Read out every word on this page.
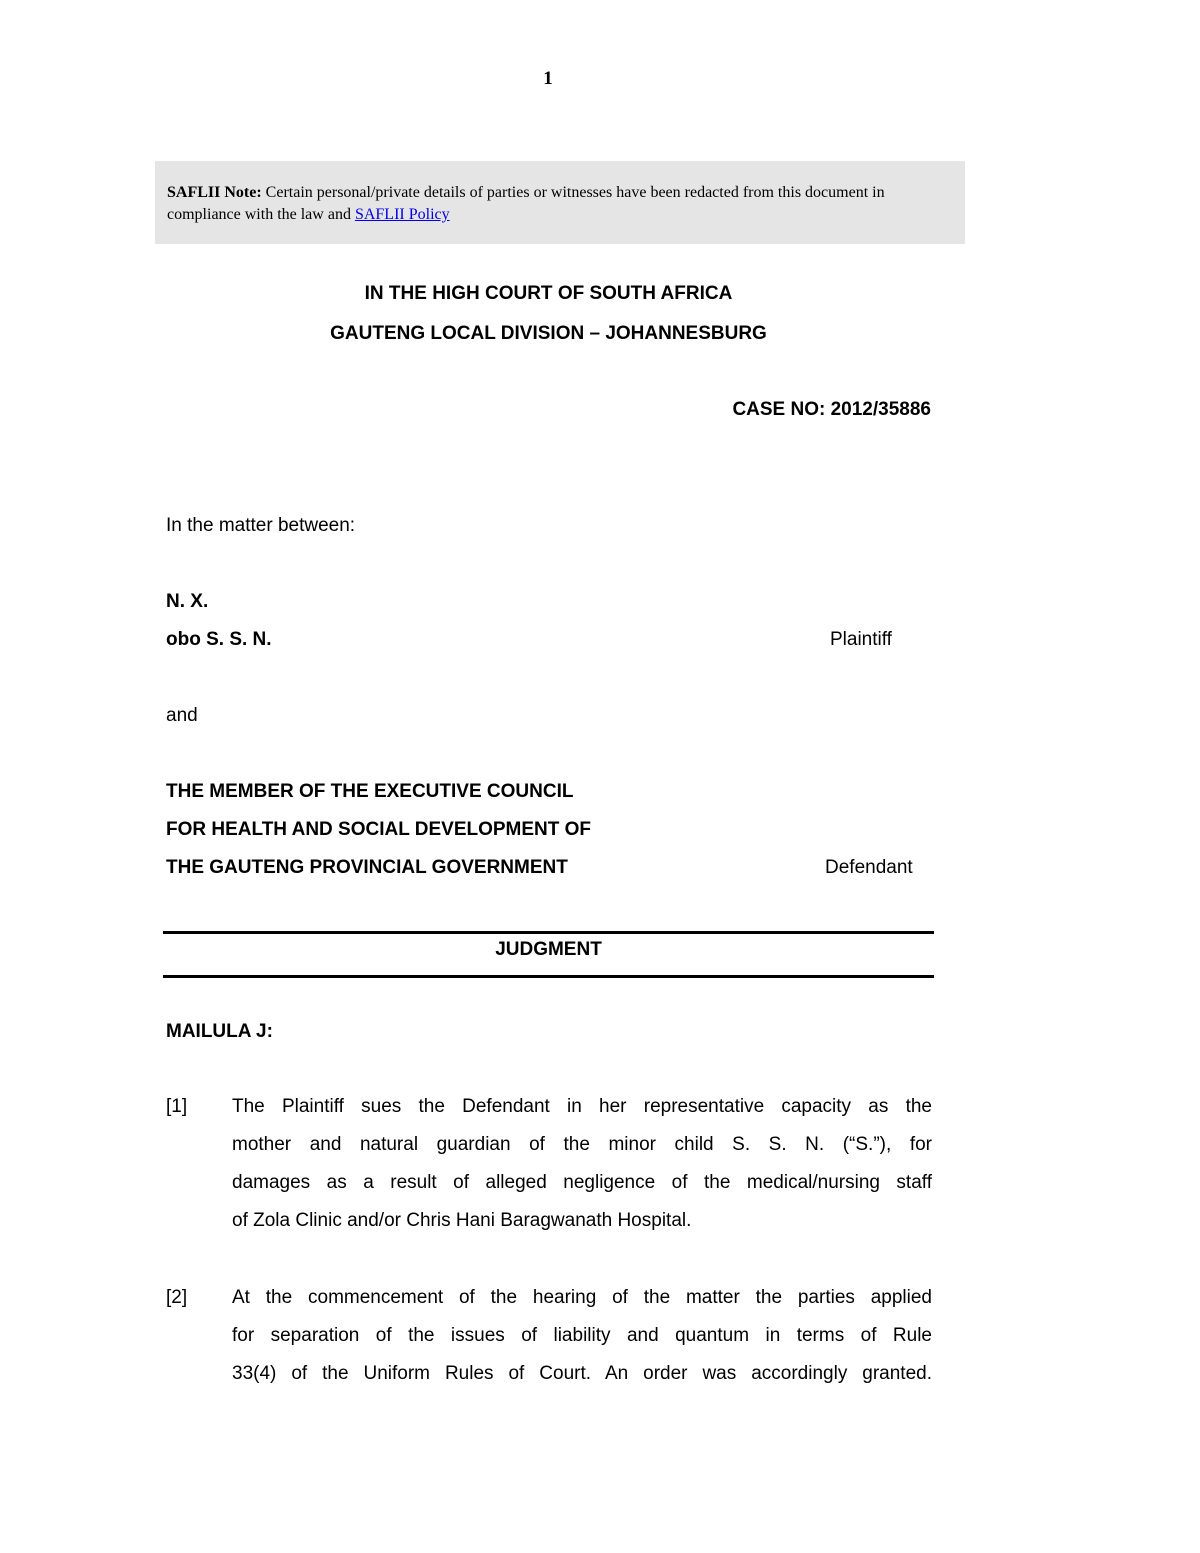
1
SAFLII Note: Certain personal/private details of parties or witnesses have been redacted from this document in compliance with the law and SAFLII Policy
IN THE HIGH COURT OF SOUTH AFRICA
GAUTENG LOCAL DIVISION – JOHANNESBURG
CASE NO: 2012/35886
In the matter between:
N. X.
obo S. S. N.	Plaintiff
and
THE MEMBER OF THE EXECUTIVE COUNCIL
FOR HEALTH AND SOCIAL DEVELOPMENT OF
THE GAUTENG PROVINCIAL GOVERNMENT	Defendant
JUDGMENT
MAILULA J:
[1] The Plaintiff sues the Defendant in her representative capacity as the
mother and natural guardian of the minor child S. S. N. (“S.”), for
damages as a result of alleged negligence of the medical/nursing staff
of Zola Clinic and/or Chris Hani Baragwanath Hospital.
[2] At the commencement of the hearing of the matter the parties applied
for separation of the issues of liability and quantum in terms of Rule
33(4) of the Uniform Rules of Court. An order was accordingly granted.
